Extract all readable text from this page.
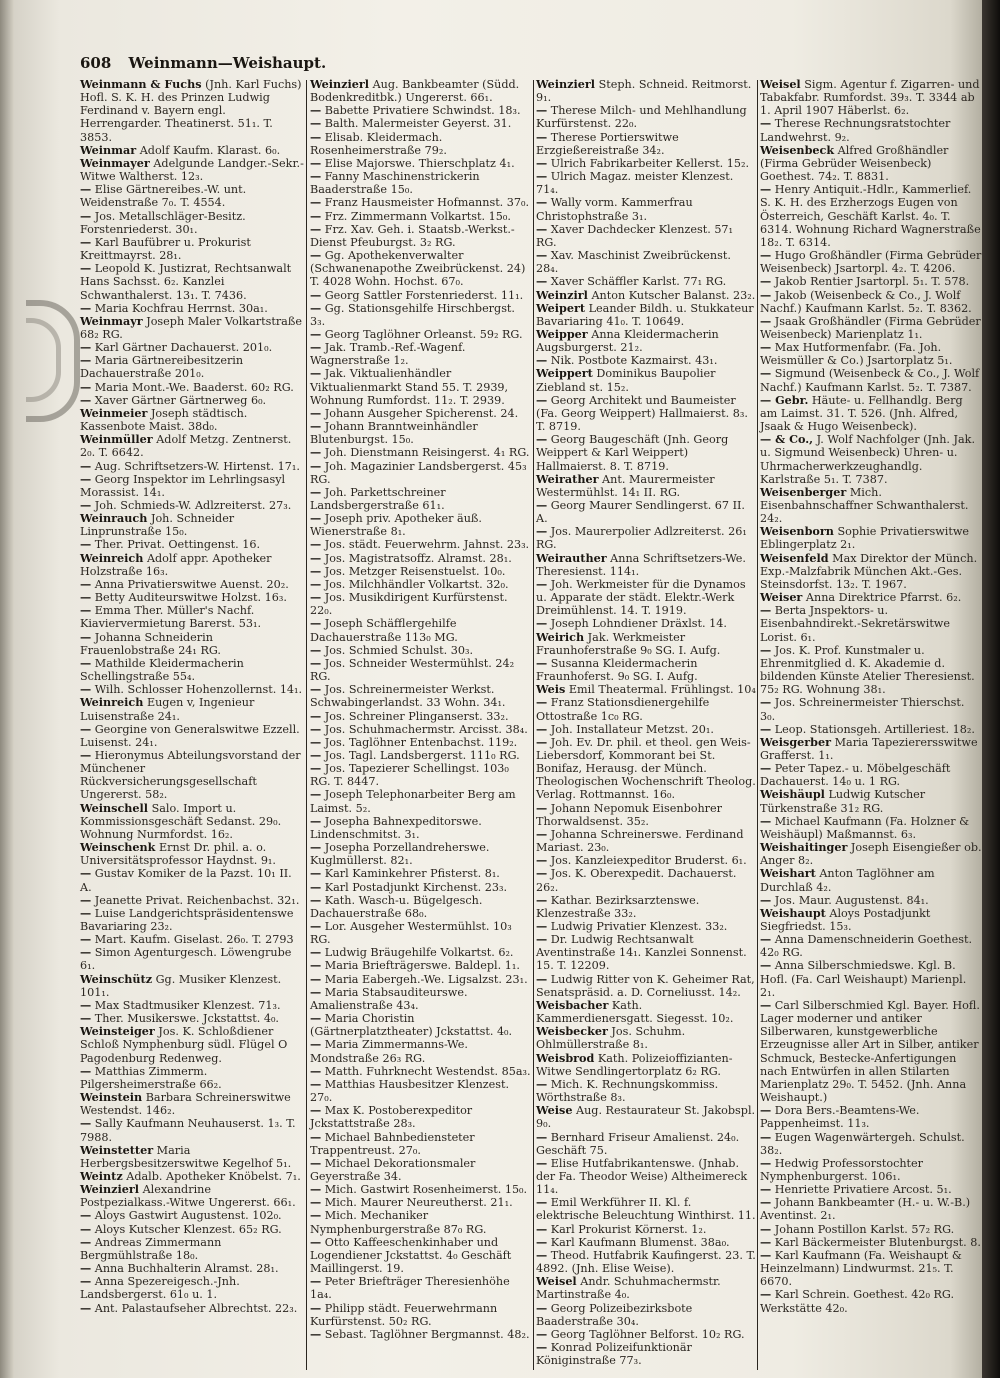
608 Weinmann—Weishaupt.
Weinmann & Fuchs (Jnh. Karl Fuchs) Hofl. S. K. H. des Prinzen Ludwig Ferdinand v. Bayern engl. Herrengarder. Theatinerst. 51₁. T. 3853.
Weinmar Adolf Kaufm. Klarast. 6₀.
Weinmayer Adelgunde Landger.-Sekr.-Witwe Waltherst. 12₃.
— Elise Gärtnereibes.-W. unt. Weidenstraße 7₀. T. 4554.
— Jos. Metallschläger-Besitz. Forstenriederst. 30₁.
— Karl Baufübrer u. Prokurist Kreittmayrst. 28₁.
— Leopold K. Justizrat, Rechtsanwalt Hans Sachsst. 6₂. Kanzlei Schwanthalerst. 13₁. T. 7436.
— Maria Kochfrau Herrnst. 30a₁.
Weinmayr Joseph Maler Volkartstraße 68₂ RG.
— Karl Gärtner Dachauerst. 201₀.
— Maria Gärtnereibesitzerin Dachauerstraße 201₀.
— Maria Mont.-We. Baaderst. 60₂ RG.
— Xaver Gärtner Gärtnerweg 6₀.
Weinmeier Joseph städtisch. Kassenbote Maist. 38d₀.
Weinmüller Adolf Metzg. Zentnerst. 2₀. T. 6642.
— Aug. Schriftsetzers-W. Hirtenst. 17₁.
— Georg Inspektor im Lehrlingsasyl Morassist. 14₁.
— Joh. Schmieds-W. Adlzreiterst. 27₃.
Weinrauch Joh. Schneider Linprunstraße 15₀.
— Ther. Privat. Oettingenst. 16.
Weinreich Adolf appr. Apotheker Holzstraße 16₃.
— Anna Privatierswitwe Auenst. 20₂.
— Betty Auditeurswitwe Holzst. 16₃.
— Emma Ther. Müller's Nachf. Kiaviervermietung Barerst. 53₁.
— Johanna Schneiderin Frauenlobstraße 24₁ RG.
— Mathilde Kleidermacherin Schellingstraße 55₄.
— Wilh. Schlosser Hohenzollernst. 14₁.
Weinreich Eugen v, Ingenieur Luisenstraße 24₁.
— Georgine von Generalswitwe Ezzell. Luisenst. 24₁.
— Hieronymus Abteilungsvorstand der Münchener Rückversicherungsgesellschaft Ungererst. 58₂.
Weinschell Salo. Import u. Kommissionsgeschäft Sedanst. 29₀. Wohnung Nurmfordst. 16₂.
Weinschenk Ernst Dr. phil. a. o. Universitätsprofessor Haydnst. 9₁.
— Gustav Komiker de la Pazst. 10₁ II. A.
— Jeanette Privat. Reichenbachst. 32₁.
— Luise Landgerichtspräsidentenswe Bavariaring 23₂.
— Mart. Kaufm. Giselast. 26₀. T. 2793
— Simon Agenturgesch. Löwengrube 6₁.
Weinschütz Gg. Musiker Klenzest. 101₁.
— Max Stadtmusiker Klenzest. 71₃.
— Ther. Musikerswe. Jckstattst. 4₀.
Weinsteiger Jos. K. Schloßdiener Schloß Nymphenburg südl. Flügel O Pagodenburg Redenweg.
— Matthias Zimmerm. Pilgersheimerstraße 66₂.
Weinstein Barbara Schreinerswitwe Westendst. 146₂.
— Sally Kaufmann Neuhauserst. 1₃. T. 7988.
Weinstetter Maria Herbergsbesitzerswitwe Kegelhof 5₁.
Weintz Adalb. Apotheker Knöbelst. 7₁.
Weinzierl Alexandrine Postpezialkass.-Witwe Ungererst. 66₁.
— Aloys Gastwirt Augustenst. 102₀.
— Aloys Kutscher Klenzest. 65₂ RG.
— Andreas Zimmermann Bergmühlstraße 18₀.
— Anna Buchhalterin Alramst. 28₁.
— Anna Spezereigesch.-Jnh. Landsbergerst. 61₀ u. 1.
— Ant. Palastaufseher Albrechtst. 22₃.
Weinzierl Aug. Bankbeamter (Südd. Bodenkreditbk.) Ungererst. 66₁.
— Babette Privatiere Schwindst. 18₃.
— Balth. Malermeister Geyerst. 31.
— Elisab. Kleidermach. Rosenheimerstraße 79₂.
— Elise Majorswe. Thierschplatz 4₁.
— Fanny Maschinenstrickerin Baaderstraße 15₀.
— Franz Hausmeister Hofmannst. 37₀.
— Frz. Zimmermann Volkartst. 15₀.
— Frz. Xav. Geh. i. Staatsb.-Werkst.-Dienst Pfeuburgst. 3₂ RG.
— Gg. Apothekenverwalter (Schwanenapothe Zweibrückenst. 24) T. 4028 Wohn. Hochst. 67₀.
— Georg Sattler Forstenriederst. 11₁.
— Gg. Stationsgehilfe Hirschbergst. 3₃.
— Georg Taglöhner Orleanst. 59₂ RG.
— Jak. Tramb.-Ref.-Wagenf. Wagnerstraße 1₂.
— Jak. Viktualienhändler Viktualienmarkt Stand 55. T. 2939, Wohnung Rumfordst. 11₂. T. 2939.
— Johann Ausgeher Spicherenst. 24.
— Johann Branntweinhändler Blutenburgst. 15₀.
— Joh. Dienstmann Reisingerst. 4₁ RG.
— Joh. Magazinier Landsbergerst. 45₃ RG.
— Joh. Parkettschreiner Landsbergerstraße 61₁.
— Joseph priv. Apotheker äuß. Wienerstraße 8₁.
— Jos. städt. Feuerwehrm. Jahnst. 23₃.
— Jos. Magistratsoffz. Alramst. 28₁.
— Jos. Metzger Reisenstuelst. 10₀.
— Jos. Milchhändler Volkartst. 32₀.
— Jos. Musikdirigent Kurfürstenst. 22₀.
— Joseph Schäfflergehilfe Dachauerstraße 113₀ MG.
— Jos. Schmied Schulst. 30₃.
— Jos. Schneider Westermühlst. 24₂ RG.
— Jos. Schreinermeister Werkst. Schwabingerlandst. 33 Wohn. 34₁.
— Jos. Schreiner Plinganserst. 33₂.
— Jos. Schuhmachermstr. Arcisst. 38₄.
— Jos. Taglöhner Entenbachst. 119₂.
— Jos. Tagl. Landsbergerst. 111₀ RG.
— Jos. Tapezierer Schellingst. 103₀ RG. T. 8447.
— Joseph Telephonarbeiter Berg am Laimst. 5₂.
— Josepha Bahnexpeditorswe. Lindenschmitst. 3₁.
— Josepha Porzellandreherswe. Kuglmüllerst. 82₁.
— Karl Kaminkehrer Pfisterst. 8₁.
— Karl Postadjunkt Kirchenst. 23₃.
— Kath. Wasch-u. Bügelgesch. Dachauerstraße 68₀.
— Lor. Ausgeher Westermühlst. 10₃ RG.
— Ludwig Bräugehilfe Volkartst. 6₂.
— Maria Briefträgerswe. Baldepl. 1₁.
— Maria Eabergeh.-We. Ligsalzst. 23₁.
— Maria Stabsauditeurswe. Amalienstraße 43₄.
— Maria Choristin (Gärtnerplatztheater) Jckstattst. 4₀.
— Maria Zimmermanns-We. Mondstraße 26₃ RG.
— Matth. Fuhrknecht Westendst. 85a₃.
— Matthias Hausbesitzer Klenzest. 27₀.
— Max K. Postoberexpeditor Jckstattstraße 28₃.
— Michael Bahnbediensteter Trappentreust. 27₀.
— Michael Dekorationsmaler Geyerstraße 34.
— Mich. Gastwirt Rosenheimerst. 15₀.
— Mich. Maurer Neureutherst. 21₁.
— Mich. Mechaniker Nymphenburgerstraße 87₀ RG.
— Otto Kaffeeschenkinhaber und Logendiener Jckstattst. 4₀ Geschäft Maillingerst. 19.
— Peter Briefträger Theresienhöhe 1a₄.
— Philipp städt. Feuerwehrmann Kurfürstenst. 50₂ RG.
— Sebast. Taglöhner Bergmannst. 48₂.
Weinzierl Steph. Schneid. Reitmorst. 9₁.
— Therese Milch- und Mehlhandlung Kurfürstenst. 22₀.
— Therese Portierswitwe Erzgießereistraße 34₂.
— Ulrich Fabrikarbeiter Kellerst. 15₂.
— Ulrich Magaz. meister Klenzest. 71₄.
— Wally vorm. Kammerfrau Christophstraße 3₁.
— Xaver Dachdecker Klenzest. 57₁ RG.
— Xav. Maschinist Zweibrückenst. 28₄.
— Xaver Schäffler Karlst. 77₁ RG.
Weinzirl Anton Kutscher Balanst. 23₂.
Weipert Leander Bildh. u. Stukkateur Bavariaring 41₀. T. 10649.
Weipper Anna Kleidermacherin Augsburgerst. 21₂.
— Nik. Postbote Kazmairst. 43₁.
Weippert Dominikus Baupolier Ziebland st. 15₂.
— Georg Architekt und Baumeister (Fa. Georg Weippert) Hallmaierst. 8₃. T. 8719.
— Georg Baugeschäft (Jnh. Georg Weippert & Karl Weippert) Hallmaierst. 8. T. 8719.
Weirather Ant. Maurermeister Westermühlst. 14₁ II. RG.
— Georg Maurer Sendlingerst. 67 II. A.
— Jos. Maurerpolier Adlzreiterst. 26₁ RG.
Weirauther Anna Schriftsetzers-We. Theresienst. 114₁.
— Joh. Werkmeister für die Dynamos u. Apparate der städt. Elektr.-Werk Dreimühlenst. 14. T. 1919.
— Joseph Lohndiener Dräxlst. 14.
Weirich Jak. Werkmeister Fraunhoferstraße 9₀ SG. I. Aufg.
— Susanna Kleidermacherin Fraunhoferst. 9₀ SG. I. Aufg.
Weis Emil Theatermal. Frühlingst. 10₄
— Franz Stationsdienergehilfe Ottostraße 1c₀ RG.
— Joh. Installateur Metzst. 20₁.
— Joh. Ev. Dr. phil. et theol. gen Weis-Liebersdorf, Kommorant bei St. Bonifaz, Herausg. der Münch. Theologischen Wochenschrift Theolog. Verlag. Rottmannst. 16₀.
— Johann Nepomuk Eisenbohrer Thorwaldsenst. 35₂.
— Johanna Schreinerswe. Ferdinand Mariast. 23₀.
— Jos. Kanzleiexpeditor Bruderst. 6₁.
— Jos. K. Oberexpedit. Dachauerst. 26₂.
— Kathar. Bezirksarztenswe. Klenzestraße 33₂.
— Ludwig Privatier Klenzest. 33₂.
— Dr. Ludwig Rechtsanwalt Aventinstraße 14₁. Kanzlei Sonnenst. 15. T. 12209.
— Ludwig Ritter von K. Geheimer Rat, Senatspräsid. a. D. Corneliusst. 14₂.
Weisbacher Kath. Kammerdienersgatt. Siegesst. 10₂.
Weisbecker Jos. Schuhm. Ohlmüllerstraße 8₁.
Weisbrod Kath. Polizeioffizianten-Witwe Sendlingertorplatz 6₂ RG.
— Mich. K. Rechnungskommiss. Wörthstraße 8₃.
Weise Aug. Restaurateur St. Jakobspl. 9₀.
— Bernhard Friseur Amalienst. 24₀. Geschäft 75.
— Elise Hutfabrikantenswe. (Jnhab. der Fa. Theodor Weise) Altheimereck 11₄.
— Emil Werkführer II. Kl. f. elektrische Beleuchtung Winthirst. 11.
— Karl Prokurist Körnerst. 1₂.
— Karl Kaufmann Blumenst. 38a₀.
— Theod. Hutfabrik Kaufingerst. 23. T. 4892. (Jnh. Elise Weise).
Weisel Andr. Schuhmachermstr. Martinstraße 4₀.
— Georg Polizeibezirksbote Baaderstraße 30₄.
— Georg Taglöhner Belforst. 10₂ RG.
— Konrad Polizeifunktionär Königinstraße 77₃.
Weisel Sigm. Agentur f. Zigarren- und Tabakfabr. Rumfordst. 39₃. T. 3344 ab 1. April 1907 Häberlst. 6₂.
— Therese Rechnungsratstochter Landwehrst. 9₂.
Weisenbeck Alfred Großhändler (Firma Gebrüder Weisenbeck) Goethest. 74₂. T. 8831.
— Henry Antiquit.-Hdlr., Kammerlief. S. K. H. des Erzherzogs Eugen von Österreich, Geschäft Karlst. 4₀. T. 6314. Wohnung Richard Wagnerstraße 18₂. T. 6314.
— Hugo Großhändler (Firma Gebrüder Weisenbeck) Jsartorpl. 4₂. T. 4206.
— Jakob Rentier Jsartorpl. 5₁. T. 578.
— Jakob (Weisenbeck & Co., J. Wolf Nachf.) Kaufmann Karlst. 5₂. T. 8362.
— Jsaak Großhändler (Firma Gebrüder Weisenbeck) Marienplatz 1₁.
— Max Hutformenfabr. (Fa. Joh. Weismüller & Co.) Jsartorplatz 5₁.
— Sigmund (Weisenbeck & Co., J. Wolf Nachf.) Kaufmann Karlst. 5₂. T. 7387.
— Gebr. Häute- u. Fellhandlg. Berg am Laimst. 31. T. 526. (Jnh. Alfred, Jsaak & Hugo Weisenbeck).
— & Co., J. Wolf Nachfolger (Jnh. Jak. u. Sigmund Weisenbeck) Uhren- u. Uhrmacherwerkzeughandlg. Karlstraße 5₁. T. 7387.
Weisenberger Mich. Eisenbahnschaffner Schwanthalerst. 24₂.
Weisenborn Sophie Privatierswitwe Eblingerplatz 2₁.
Weisenfeld Max Direktor der Münch. Exp.-Malzfabrik München Akt.-Ges. Steinsdorfst. 13₂. T. 1967.
Weiser Anna Direktrice Pfarrst. 6₂.
— Berta Jnspektors- u. Eisenbahndirekt.-Sekretärswitwe Lorist. 6₁.
— Jos. K. Prof. Kunstmaler u. Ehrenmitglied d. K. Akademie d. bildenden Künste Atelier Theresienst. 75₂ RG. Wohnung 38₁.
— Jos. Schreinermeister Thierschst. 3₀.
— Leop. Stationsgeh. Artilleriest. 18₂.
Weisgerber Maria Tapezierersswitwe Grafferst. 1₁.
— Peter Tapez.- u. Möbelgeschäft Dachauerst. 14₀ u. 1 RG.
Weishäupl Ludwig Kutscher Türkenstraße 31₂ RG.
— Michael Kaufmann (Fa. Holzner & Weishäupl) Maßmannst. 6₃.
Weishaitinger Joseph Eisengießer ob. Anger 8₂.
Weishart Anton Taglöhner am Durchlaß 4₂.
— Jos. Maur. Augustenst. 84₁.
Weishaupt Aloys Postadjunkt Siegfriedst. 15₃.
— Anna Damenschneiderin Goethest. 42₀ RG.
— Anna Silberschmiedswe. Kgl. B. Hofl. (Fa. Carl Weishaupt) Marienpl. 2₁.
— Carl Silberschmied Kgl. Bayer. Hofl. Lager moderner und antiker Silberwaren, kunstgewerbliche Erzeugnisse aller Art in Silber, antiker Schmuck, Bestecke-Anfertigungen nach Entwürfen in allen Stilarten Marienplatz 29₀. T. 5452. (Jnh. Anna Weishaupt.)
— Dora Bers.-Beamtens-We. Pappenheimst. 11₃.
— Eugen Wagenwärtergeh. Schulst. 38₂.
— Hedwig Professorstochter Nymphenburgerst. 106₁.
— Henriette Privatiere Arcost. 5₁.
— Johann Bankbeamter (H.- u. W.-B.) Aventinst. 2₁.
— Johann Postillon Karlst. 57₂ RG.
— Karl Bäckermeister Blutenburgst. 8.
— Karl Kaufmann (Fa. Weishaupt & Heinzelmann) Lindwurmst. 21₅. T. 6670.
— Karl Schrein. Goethest. 42₀ RG. Werkstätte 42₀.
